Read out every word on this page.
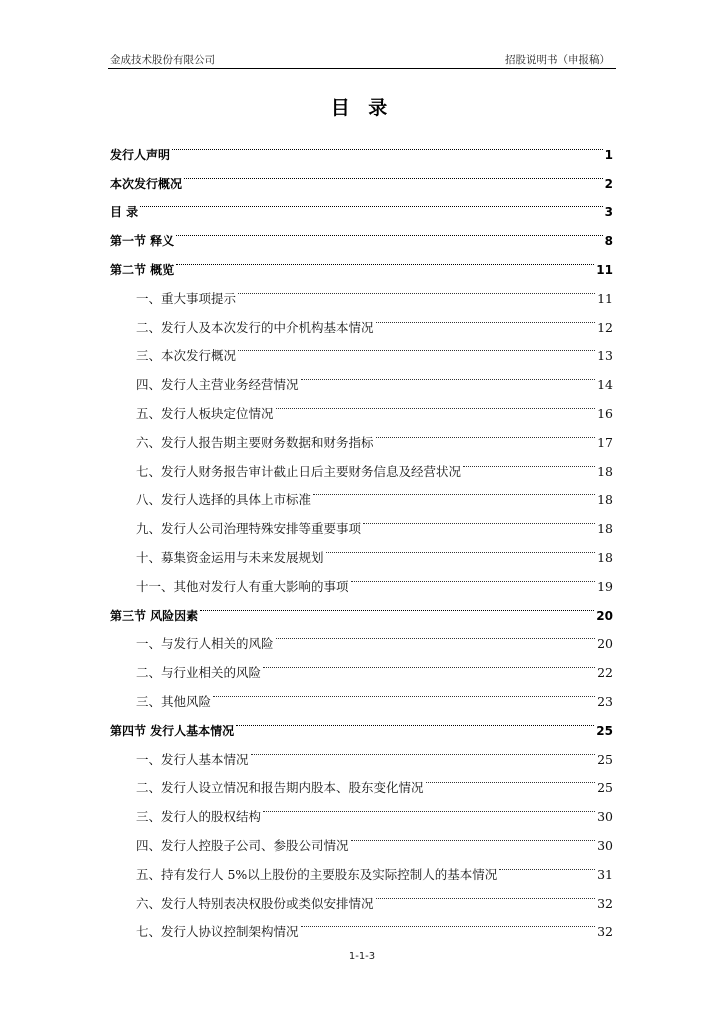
金成技术股份有限公司	招股说明书（申报稿）
目 录
发行人声明	1
本次发行概况	2
目 录	3
第一节 释义	8
第二节 概览	11
一、重大事项提示	11
二、发行人及本次发行的中介机构基本情况	12
三、本次发行概况	13
四、发行人主营业务经营情况	14
五、发行人板块定位情况	16
六、发行人报告期主要财务数据和财务指标	17
七、发行人财务报告审计截止日后主要财务信息及经营状况	18
八、发行人选择的具体上市标准	18
九、发行人公司治理特殊安排等重要事项	18
十、募集资金运用与未来发展规划	18
十一、其他对发行人有重大影响的事项	19
第三节 风险因素	20
一、与发行人相关的风险	20
二、与行业相关的风险	22
三、其他风险	23
第四节 发行人基本情况	25
一、发行人基本情况	25
二、发行人设立情况和报告期内股本、股东变化情况	25
三、发行人的股权结构	30
四、发行人控股子公司、参股公司情况	30
五、持有发行人 5%以上股份的主要股东及实际控制人的基本情况	31
六、发行人特别表决权股份或类似安排情况	32
七、发行人协议控制架构情况	32
1-1-3
